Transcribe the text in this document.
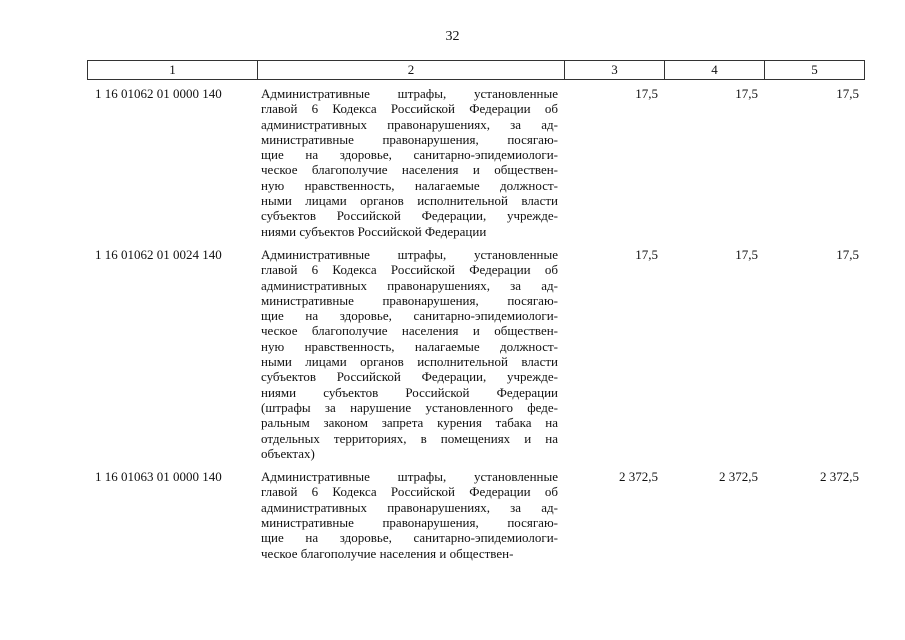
32
1	2	3	4	5
1 16 01062 01 0000 140	Административные штрафы, установленные
главой 6 Кодекса Российской Федерации об
административных правонарушениях, за ад-
министративные правонарушения, посягаю-
щие на здоровье, санитарно-эпидемиологи-
ческое благополучие населения и обществен-
ную нравственность, налагаемые должност-
ными лицами органов исполнительной власти
субъектов Российской Федерации, учрежде-
ниями субъектов Российской Федерации
17,5	17,5	17,5
1 16 01062 01 0024 140	Административные штрафы, установленные
главой 6 Кодекса Российской Федерации об
административных правонарушениях, за ад-
министративные правонарушения, посягаю-
щие на здоровье, санитарно-эпидемиологи-
ческое благополучие населения и обществен-
ную нравственность, налагаемые должност-
ными лицами органов исполнительной власти
субъектов Российской Федерации, учрежде-
ниями субъектов Российской Федерации
(штрафы за нарушение установленного феде-
ральным законом запрета курения табака на
отдельных территориях, в помещениях и на
объектах)
17,5	17,5	17,5
1 16 01063 01 0000 140	Административные штрафы, установленные
главой 6 Кодекса Российской Федерации об
административных правонарушениях, за ад-
министративные правонарушения, посягаю-
щие на здоровье, санитарно-эпидемиологи-
ческое благополучие населения и обществен-
2 372,5	2 372,5	2 372,5
